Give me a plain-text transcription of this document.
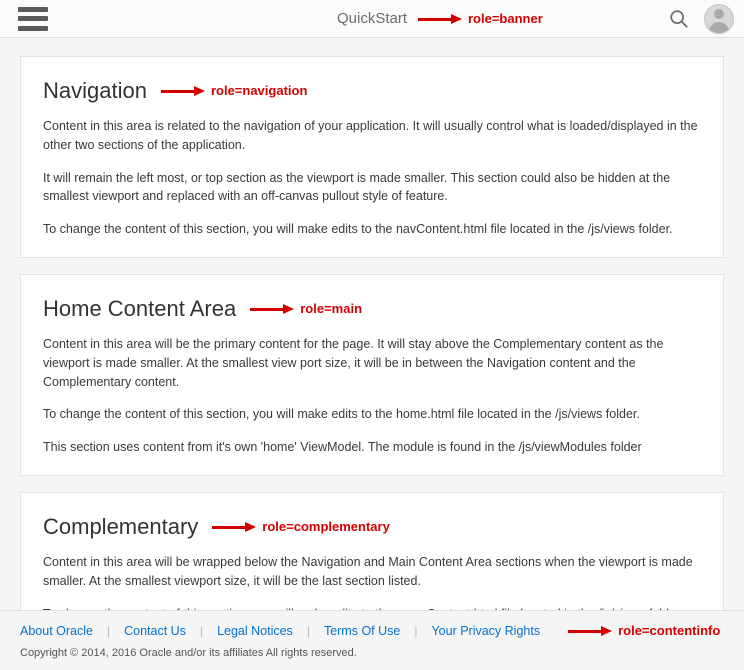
QuickStart	role=banner
Navigation	role=navigation

Content in this area is related to the navigation of your application. It will usually control what is loaded/displayed in the other two sections of the application.

It will remain the left most, or top section as the viewport is made smaller. This section could also be hidden at the smallest viewport and replaced with an off-canvas pullout style of feature.

To change the content of this section, you will make edits to the navContent.html file located in the /js/views folder.

Home Content Area	role=main

Content in this area will be the primary content for the page. It will stay above the Complementary content as the viewport is made smaller. At the smallest view port size, it will be in between the Navigation content and the Complementary content.

To change the content of this section, you will make edits to the home.html file located in the /js/views folder.

This section uses content from it's own 'home' ViewModel. The module is found in the /js/viewModules folder

Complementary	role=complementary

Content in this area will be wrapped below the Navigation and Main Content Area sections when the viewport is made smaller. At the smallest viewport size, it will be the last section listed.

About Oracle	|	Contact Us	|	Legal Notices	|	Terms Of Use	|	Your Privacy Rights	role=contentinfo
Copyright © 2014, 2016 Oracle and/or its affiliates All rights reserved.
